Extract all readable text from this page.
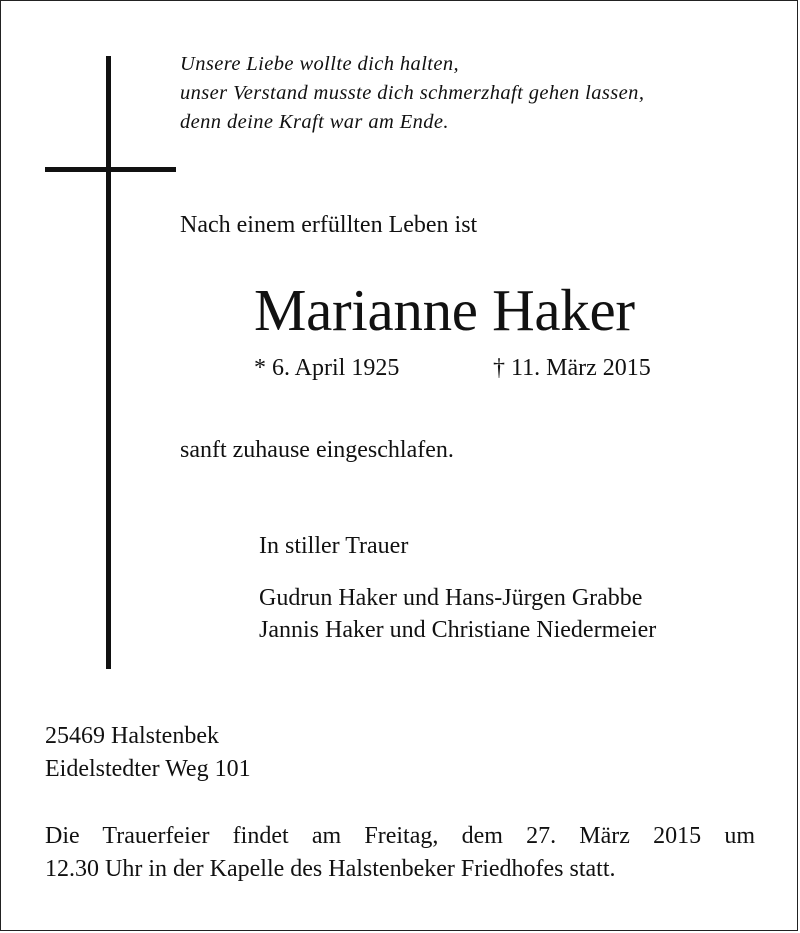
Unsere Liebe wollte dich halten,
unser Verstand musste dich schmerzhaft gehen lassen,
denn deine Kraft war am Ende.
Nach einem erfüllten Leben ist
Marianne Haker
* 6. April 1925	† 11. März 2015
sanft zuhause eingeschlafen.
In stiller Trauer
Gudrun Haker und Hans-Jürgen Grabbe
Jannis Haker und Christiane Niedermeier
25469 Halstenbek
Eidelstedter Weg 101
Die Trauerfeier findet am Freitag, dem 27. März 2015 um
12.30 Uhr in der Kapelle des Halstenbeker Friedhofes statt.
